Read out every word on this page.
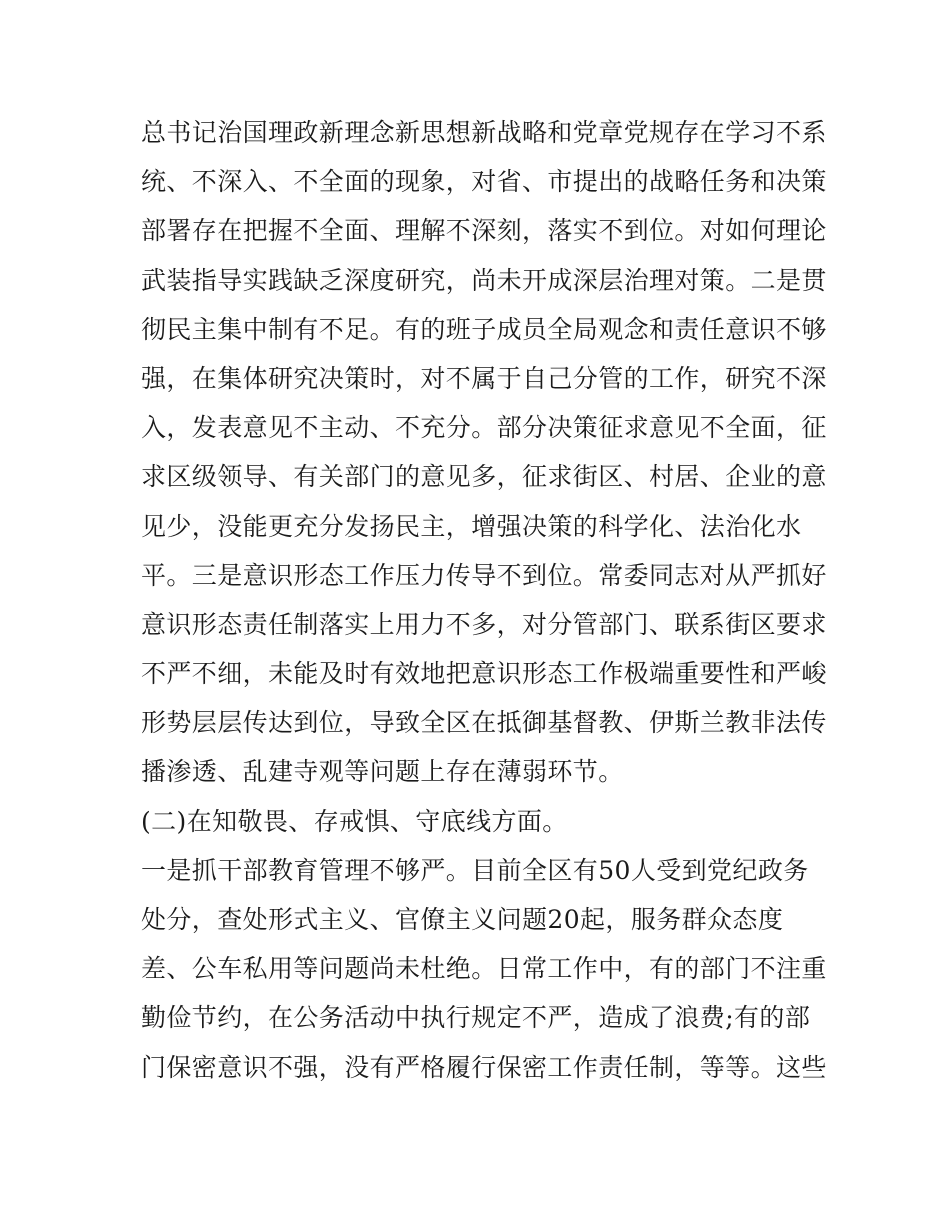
总书记治国理政新理念新思想新战略和党章党规存在学习不系
统、不深入、不全面的现象，对省、市提出的战略任务和决策
部署存在把握不全面、理解不深刻，落实不到位。对如何理论
武装指导实践缺乏深度研究，尚未开成深层治理对策。二是贯
彻民主集中制有不足。有的班子成员全局观念和责任意识不够
强，在集体研究决策时，对不属于自己分管的工作，研究不深
入，发表意见不主动、不充分。部分决策征求意见不全面，征
求区级领导、有关部门的意见多，征求街区、村居、企业的意
见少，没能更充分发扬民主，增强决策的科学化、法治化水
平。三是意识形态工作压力传导不到位。常委同志对从严抓好
意识形态责任制落实上用力不多，对分管部门、联系街区要求
不严不细，未能及时有效地把意识形态工作极端重要性和严峻
形势层层传达到位，导致全区在抵御基督教、伊斯兰教非法传
播渗透、乱建寺观等问题上存在薄弱环节。
(二)在知敬畏、存戒惧、守底线方面。
一是抓干部教育管理不够严。目前全区有50人受到党纪政务
处分，查处形式主义、官僚主义问题20起，服务群众态度
差、公车私用等问题尚未杜绝。日常工作中，有的部门不注重
勤俭节约，在公务活动中执行规定不严，造成了浪费;有的部
门保密意识不强，没有严格履行保密工作责任制，等等。这些
